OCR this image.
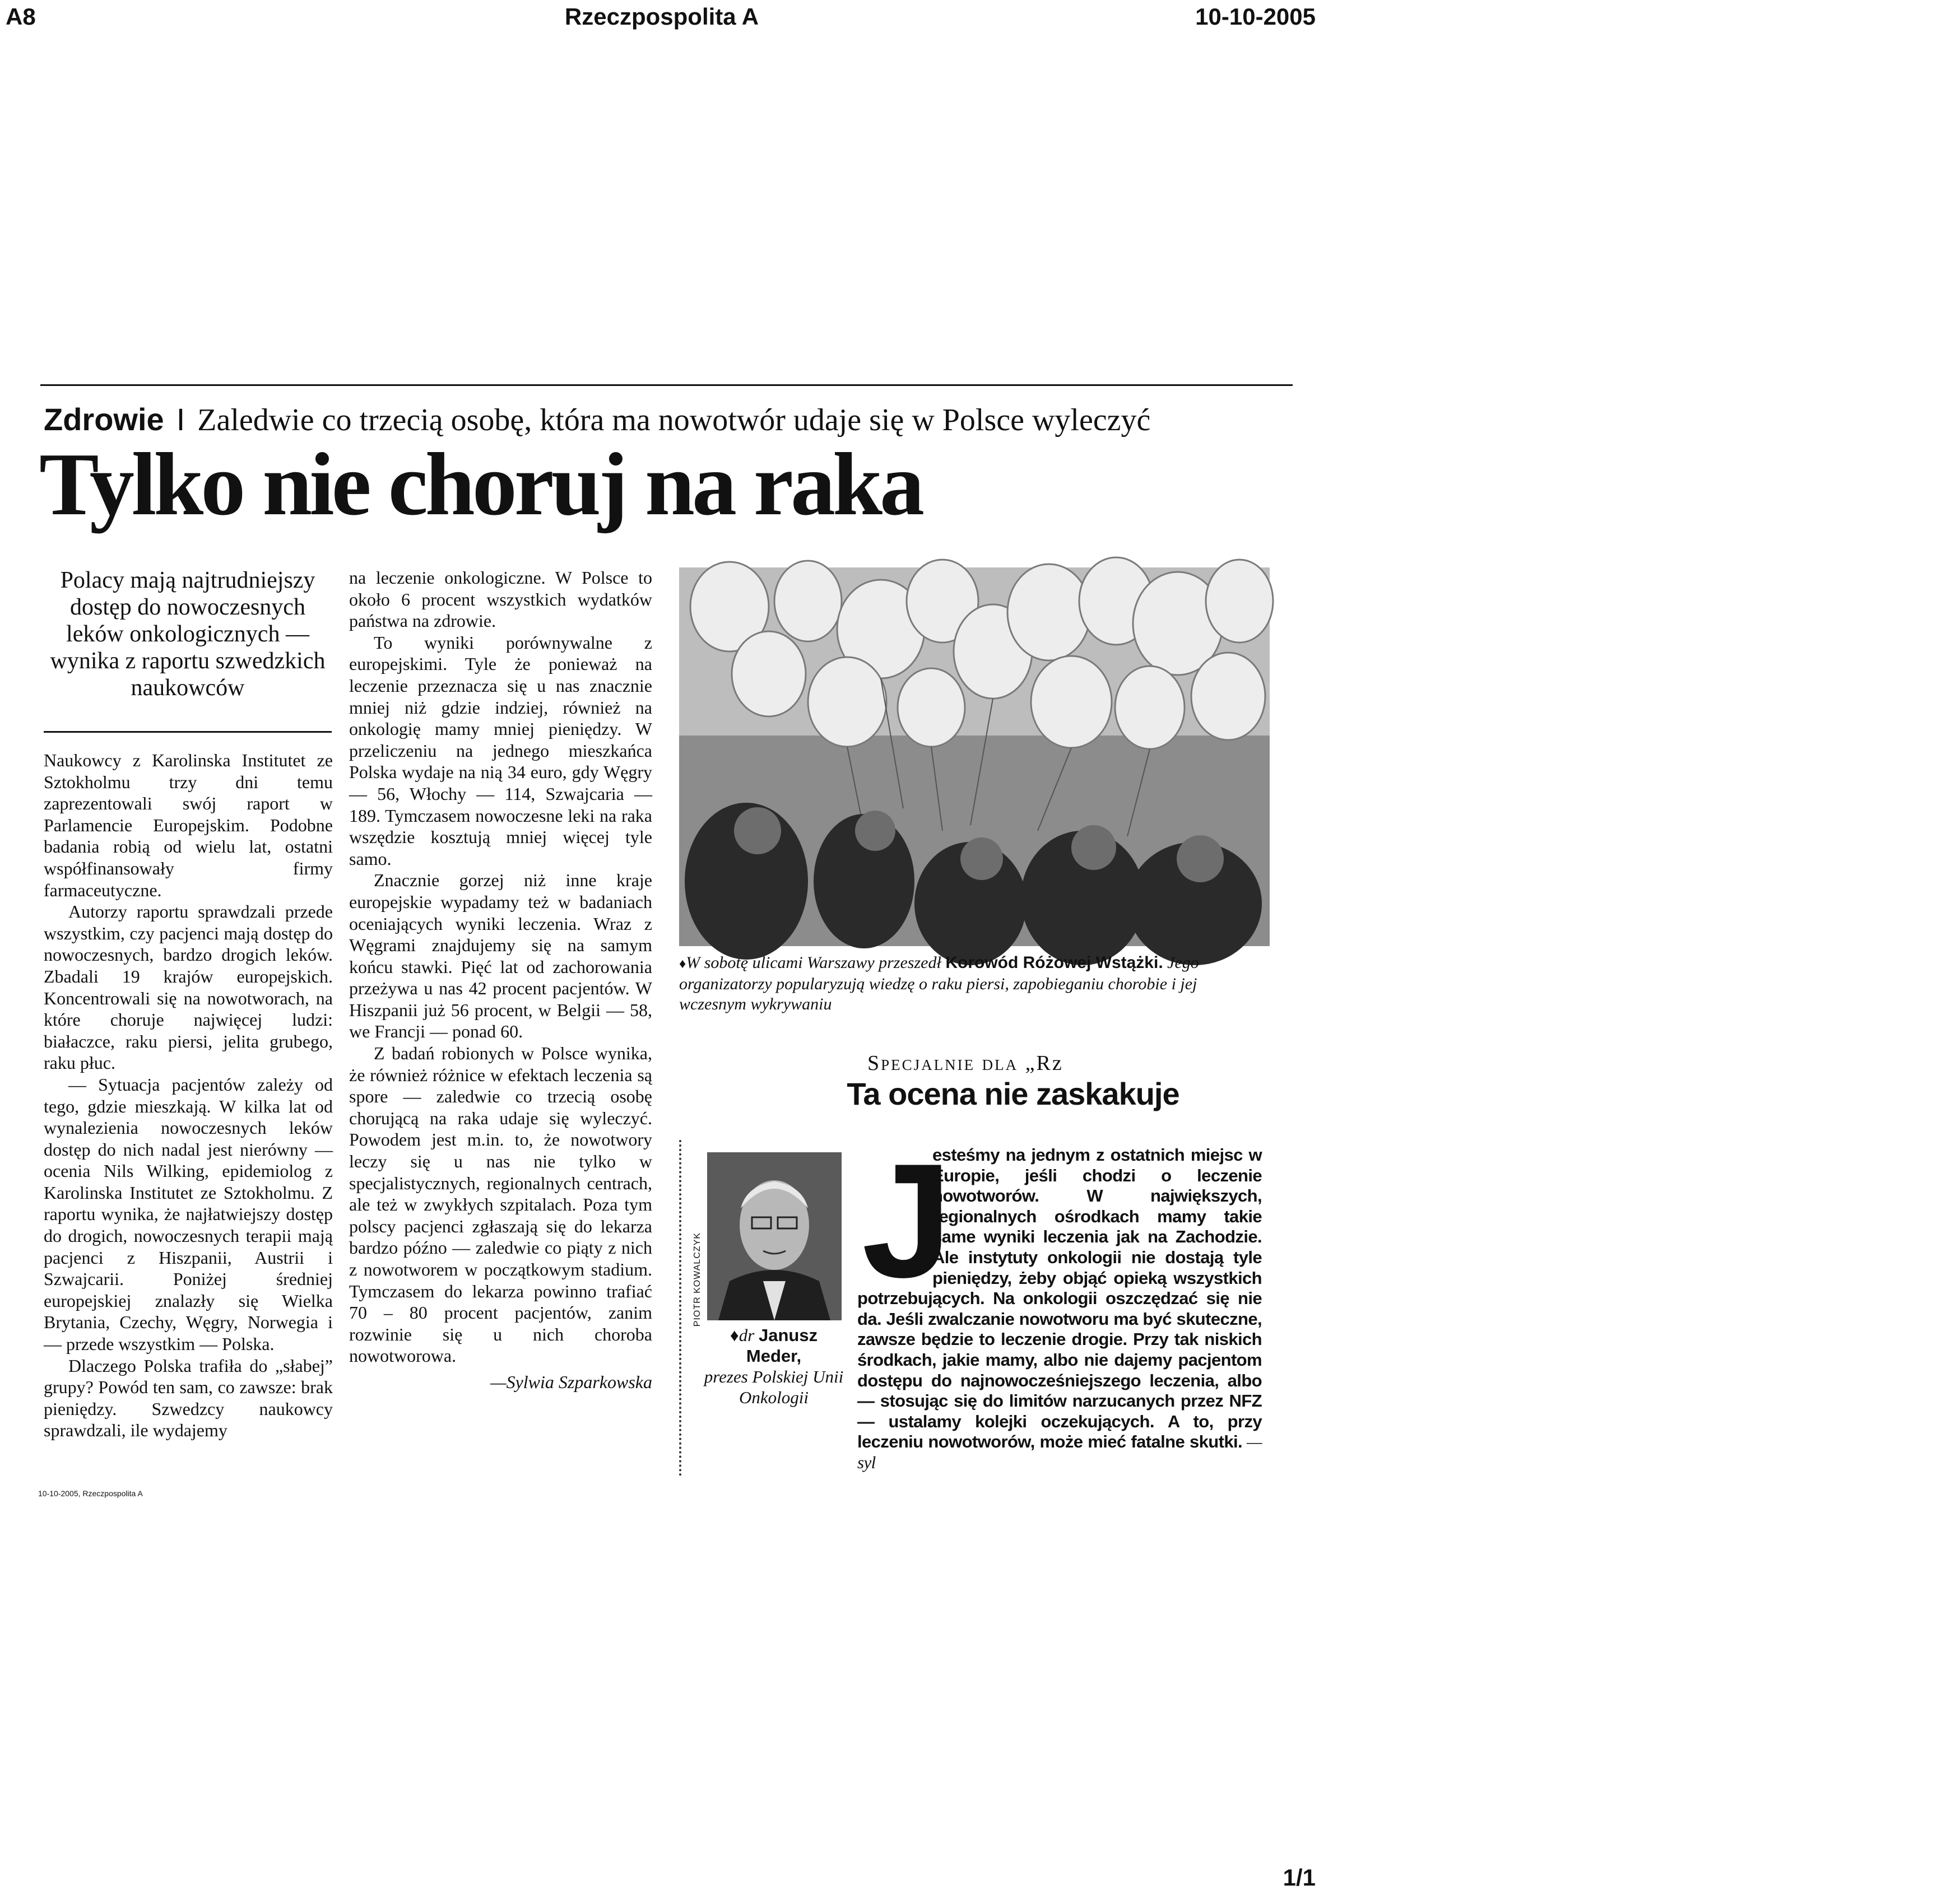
A8	Rzeczpospolita A	10-10-2005
Zdrowie I Zaledwie co trzecią osobę, która ma nowotwór udaje się w Polsce wyleczyć
Tylko nie choruj na raka
Polacy mają najtrudniejszy dostęp do nowoczesnych leków onkologicznych — wynika z raportu szwedzkich naukowców

Naukowcy z Karolinska Institutet ze Sztokholmu trzy dni temu zaprezentowali swój raport w Parlamencie Europejskim. Podobne badania robią od wielu lat, ostatni współfinansowały firmy farmaceutyczne.

Autorzy raportu sprawdzali przede wszystkim, czy pacjenci mają dostęp do nowoczesnych, bardzo drogich leków. Zbadali 19 krajów europejskich. Koncentrowali się na nowotworach, na które choruje najwięcej ludzi: białaczce, raku piersi, jelita grubego, raku płuc.

— Sytuacja pacjentów zależy od tego, gdzie mieszkają. W kilka lat od wynalezienia nowoczesnych leków dostęp do nich nadal jest nierówny — ocenia Nils Wilking, epidemiolog z Karolinska Institutet ze Sztokholmu. Z raportu wynika, że najłatwiejszy dostęp do drogich, nowoczesnych terapii mają pacjenci z Hiszpanii, Austrii i Szwajcarii. Poniżej średniej europejskiej znalazły się Wielka Brytania, Czechy, Węgry, Norwegia i — przede wszystkim — Polska.

Dlaczego Polska trafiła do „słabej” grupy? Powód ten sam, co zawsze: brak pieniędzy. Szwedzcy naukowcy sprawdzali, ile wydajemy

na leczenie onkologiczne. W Polsce to około 6 procent wszystkich wydatków państwa na zdrowie.

To wyniki porównywalne z europejskimi. Tyle że ponieważ na leczenie przeznacza się u nas znacznie mniej niż gdzie indziej, również na onkologię mamy mniej pieniędzy. W przeliczeniu na jednego mieszkańca Polska wydaje na nią 34 euro, gdy Węgry — 56, Włochy — 114, Szwajcaria — 189. Tymczasem nowoczesne leki na raka wszędzie kosztują mniej więcej tyle samo.

Znacznie gorzej niż inne kraje europejskie wypadamy też w badaniach oceniających wyniki leczenia. Wraz z Węgrami znajdujemy się na samym końcu stawki. Pięć lat od zachorowania przeżywa u nas 42 procent pacjentów. W Hiszpanii już 56 procent, w Belgii — 58, we Francji — ponad 60.

Z badań robionych w Polsce wynika, że również różnice w efektach leczenia są spore — zaledwie co trzecią osobę chorującą na raka udaje się wyleczyć. Powodem jest m.in. to, że nowotwory leczy się u nas nie tylko w specjalistycznych, regionalnych centrach, ale też w zwykłych szpitalach. Poza tym polscy pacjenci zgłaszają się do lekarza bardzo późno — zaledwie co piąty z nich z nowotworem w początkowym stadium. Tymczasem do lekarza powinno trafiać 70 – 80 procent pacjentów, zanim rozwinie się u nich choroba nowotworowa.

—Sylwia Szparkowska
KUBA KRYSIAK
♦W sobotę ulicami Warszawy przeszedł Korowód Różowej Wstążki. Jego organizatorzy popularyzują wiedzę o raku piersi, zapobieganiu chorobie i jej wczesnym wykrywaniu
Specjalnie dla „Rz
Ta ocena nie zaskakuje
PIOTR KOWALCZYK
♦dr Janusz Meder,
prezes Polskiej Unii Onkologii
J
esteśmy na jednym z ostatnich miejsc w Europie, jeśli chodzi o leczenie nowotworów. W największych, regionalnych ośrodkach mamy takie same wyniki leczenia jak na Zachodzie. Ale instytuty onkologii nie dostają tyle pieniędzy, żeby objąć opieką wszystkich potrzebujących. Na onkologii oszczędzać się nie da. Jeśli zwalczanie nowotworu ma być skuteczne, zawsze będzie to leczenie drogie. Przy tak niskich środkach, jakie mamy, albo nie dajemy pacjentom dostępu do najnowocześniejszego leczenia, albo — stosując się do limitów narzucanych przez NFZ — ustalamy kolejki oczekujących. A to, przy leczeniu nowotworów, może mieć fatalne skutki. —syl
10-10-2005, Rzeczpospolita A
1/1
